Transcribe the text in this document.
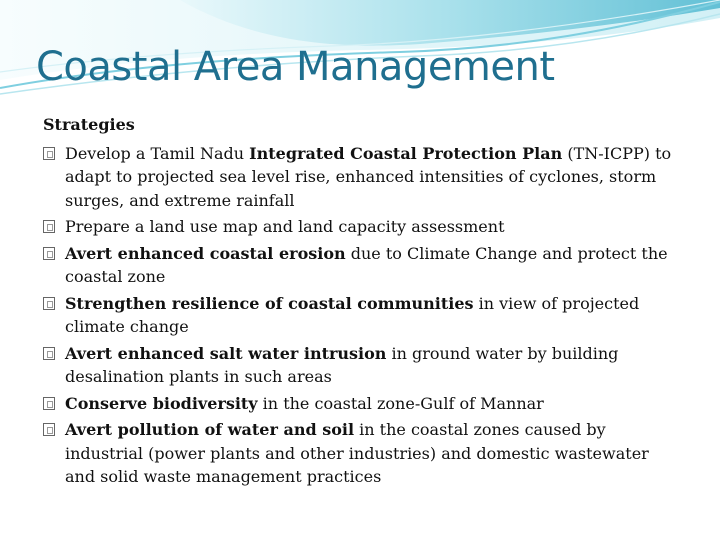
Coastal Area Management
Strategies
Develop a Tamil Nadu Integrated Coastal Protection Plan (TN-ICPP) to adapt to projected sea level rise, enhanced intensities of cyclones, storm surges, and extreme rainfall
Prepare a land use map and land capacity assessment
Avert enhanced coastal erosion due to Climate Change and protect the coastal zone
Strengthen resilience of coastal communities in view of projected climate change
Avert enhanced salt water intrusion in ground water by building desalination plants in such areas
Conserve biodiversity in the coastal zone-Gulf of Mannar
Avert pollution of water and soil in the coastal zones caused by industrial (power plants and other industries) and domestic wastewater and solid waste management practices
